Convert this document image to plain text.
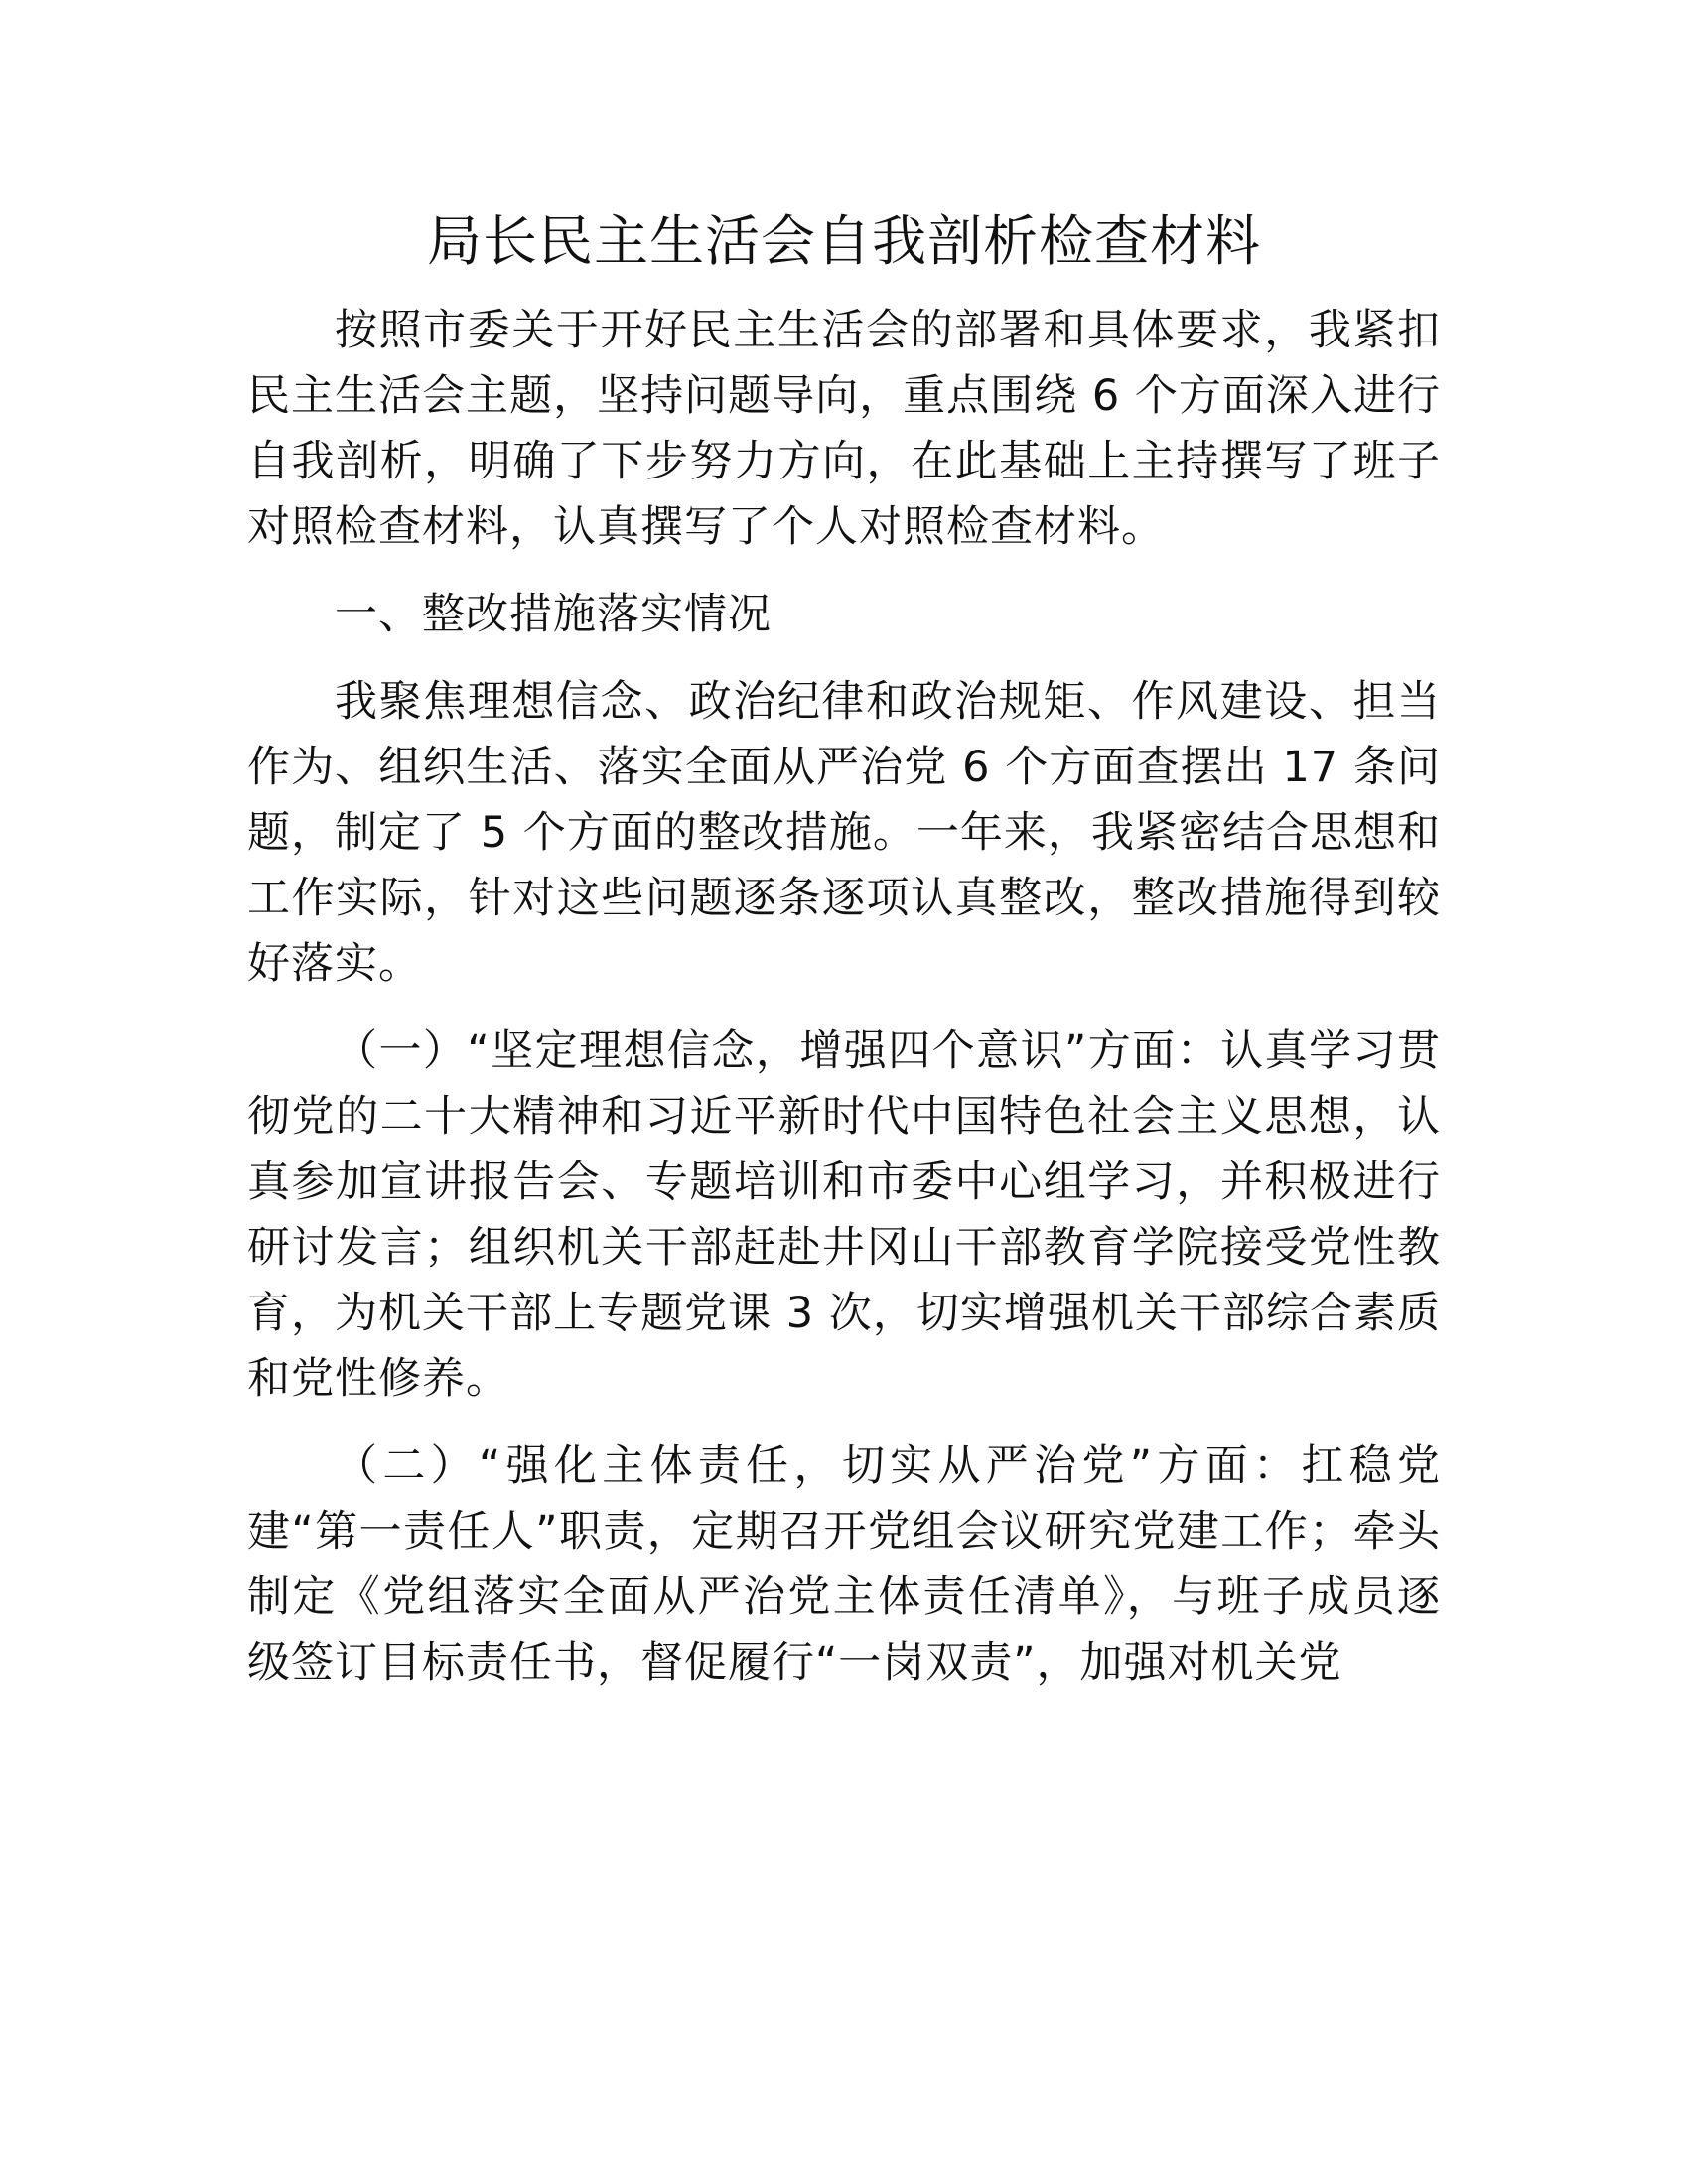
局长民主生活会自我剖析检查材料

按照市委关于开好民主生活会的部署和具体要求，我紧扣民主生活会主题，坚持问题导向，重点围绕 6 个方面深入进行自我剖析，明确了下步努力方向，在此基础上主持撰写了班子对照检查材料，认真撰写了个人对照检查材料。

一、整改措施落实情况

我聚焦理想信念、政治纪律和政治规矩、作风建设、担当作为、组织生活、落实全面从严治党 6 个方面查摆出 17 条问题，制定了 5 个方面的整改措施。一年来，我紧密结合思想和工作实际，针对这些问题逐条逐项认真整改，整改措施得到较好落实。

（一）“坚定理想信念，增强四个意识”方面：认真学习贯彻党的二十大精神和习近平新时代中国特色社会主义思想，认真参加宣讲报告会、专题培训和市委中心组学习，并积极进行研讨发言；组织机关干部赶赴井冈山干部教育学院接受党性教育，为机关干部上专题党课 3 次，切实增强机关干部综合素质和党性修养。

（二）“强化主体责任，切实从严治党”方面：扛稳党建“第一责任人”职责，定期召开党组会议研究党建工作；牵头制定《党组落实全面从严治党主体责任清单》，与班子成员逐级签订目标责任书，督促履行“一岗双责”，加强对机关党
